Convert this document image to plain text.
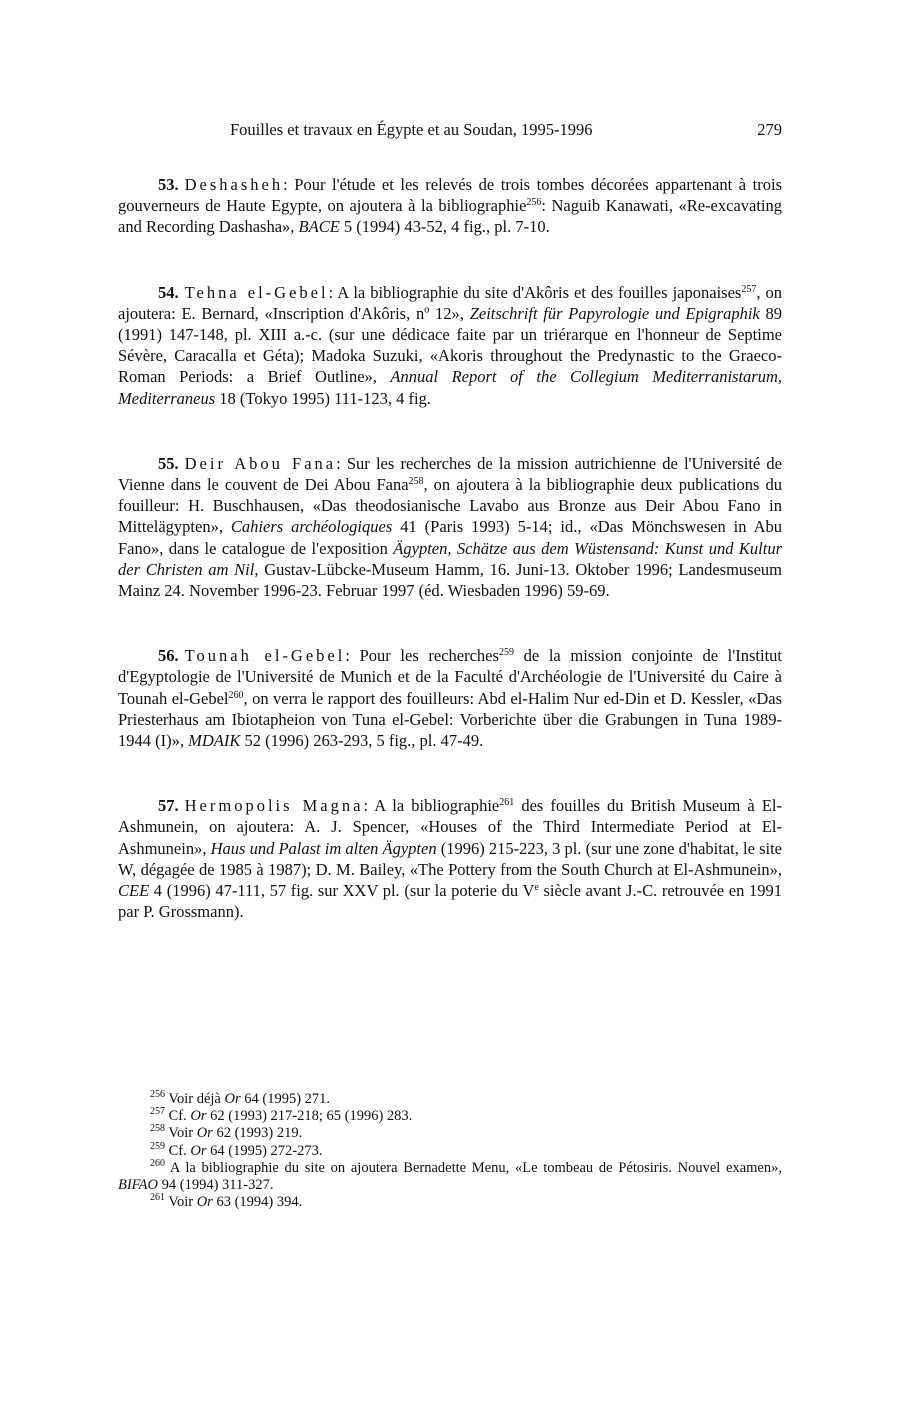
Fouilles et travaux en Égypte et au Soudan, 1995-1996	279

53. Deshasheh: Pour l'étude et les relevés de trois tombes décorées appartenant à trois gouverneurs de Haute Egypte, on ajoutera à la bibliographie$^{256}$: Naguib Kanawati, «Re-excavating and Recording Dashasha», BACE 5 (1994) 43-52, 4 fig., pl. 7-10.

54. Tehna el-Gebel: A la bibliographie du site d'Akôris et des fouilles japonaises$^{257}$, on ajoutera: E. Bernard, «Inscription d'Akôris, nº 12», Zeitschrift für Papyrologie und Epigraphik 89 (1991) 147-148, pl. XIII a.-c. (sur une dédicace faite par un triérarque en l'honneur de Septime Sévère, Caracalla et Géta); Madoka Suzuki, «Akoris throughout the Predynastic to the Graeco-Roman Periods: a Brief Outline», Annual Report of the Collegium Mediterranistarum, Mediterraneus 18 (Tokyo 1995) 111-123, 4 fig.

55. Deir Abou Fana: Sur les recherches de la mission autrichienne de l'Université de Vienne dans le couvent de Dei Abou Fana$^{258}$, on ajoutera à la bibliographie deux publications du fouilleur: H. Buschhausen, «Das theodosianische Lavabo aus Bronze aus Deir Abou Fano in Mittelägypten», Cahiers archéologiques 41 (Paris 1993) 5-14; id., «Das Mönchswesen in Abu Fano», dans le catalogue de l'exposition Ägypten, Schätze aus dem Wüstensand: Kunst und Kultur der Christen am Nil, Gustav-Lübcke-Museum Hamm, 16. Juni-13. Oktober 1996; Landesmuseum Mainz 24. November 1996-23. Februar 1997 (éd. Wiesbaden 1996) 59-69.

56. Tounah el-Gebel: Pour les recherches$^{259}$ de la mission conjointe de l'Institut d'Egyptologie de l'Université de Munich et de la Faculté d'Archéologie de l'Université du Caire à Tounah el-Gebel$^{260}$, on verra le rapport des fouilleurs: Abd el-Halim Nur ed-Din et D. Kessler, «Das Priesterhaus am Ibiotapheion von Tuna el-Gebel: Vorberichte über die Grabungen in Tuna 1989-1944 (I)», MDAIK 52 (1996) 263-293, 5 fig., pl. 47-49.

57. Hermopolis Magna: A la bibliographie$^{261}$ des fouilles du British Museum à El-Ashmunein, on ajoutera: A. J. Spencer, «Houses of the Third Intermediate Period at El-Ashmunein», Haus und Palast im alten Ägypten (1996) 215-223, 3 pl. (sur une zone d'habitat, le site W, dégagée de 1985 à 1987); D. M. Bailey, «The Pottery from the South Church at El-Ashmunein», CEE 4 (1996) 47-111, 57 fig. sur XXV pl. (sur la poterie du Ve siècle avant J.-C. retrouvée en 1991 par P. Grossmann).

$^{256}$ Voir déjà Or 64 (1995) 271.

$^{257}$ Cf. Or 62 (1993) 217-218; 65 (1996) 283.

$^{258}$ Voir Or 62 (1993) 219.

$^{259}$ Cf. Or 64 (1995) 272-273.

$^{260}$ A la bibliographie du site on ajoutera Bernadette Menu, «Le tombeau de Pétosiris. Nouvel examen», BIFAO 94 (1994) 311-327.

$^{261}$ Voir Or 63 (1994) 394.
